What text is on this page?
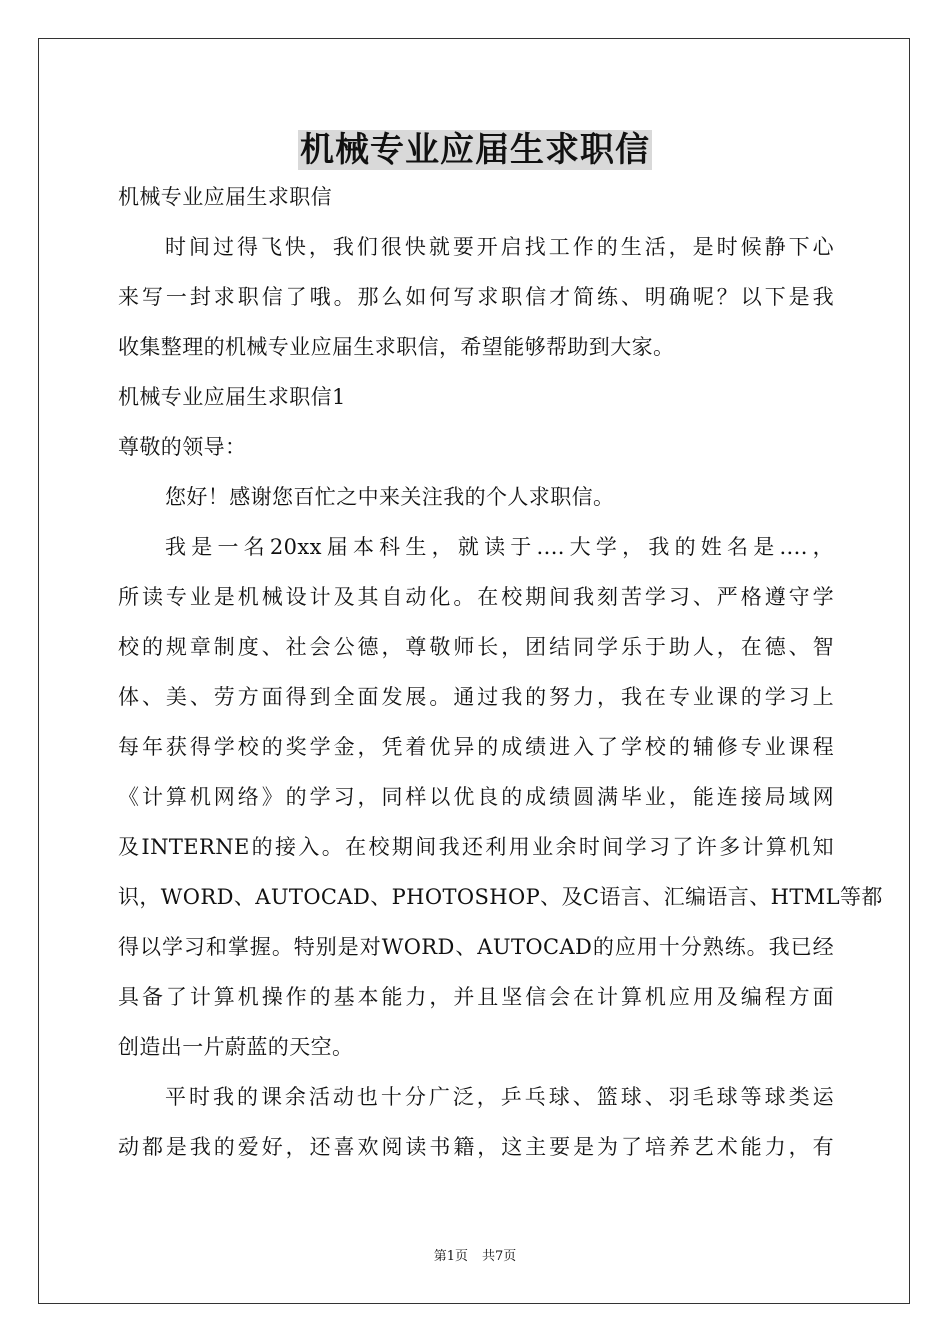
机械专业应届生求职信
机械专业应届生求职信
时间过得飞快，我们很快就要开启找工作的生活，是时候静下心
来写一封求职信了哦。那么如何写求职信才简练、明确呢？以下是我
收集整理的机械专业应届生求职信，希望能够帮助到大家。
机械专业应届生求职信1
尊敬的领导：
您好！感谢您百忙之中来关注我的个人求职信。
我是一名20xx届本科生，就读于....大学，我的姓名是....，
所读专业是机械设计及其自动化。在校期间我刻苦学习、严格遵守学
校的规章制度、社会公德，尊敬师长，团结同学乐于助人，在德、智
体、美、劳方面得到全面发展。通过我的努力，我在专业课的学习上
每年获得学校的奖学金，凭着优异的成绩进入了学校的辅修专业课程
《计算机网络》的学习，同样以优良的成绩圆满毕业，能连接局域网
及INTERNE的接入。在校期间我还利用业余时间学习了许多计算机知
识，WORD、AUTOCAD、PHOTOSHOP、及C语言、汇编语言、HTML等都
得以学习和掌握。特别是对WORD、AUTOCAD的应用十分熟练。我已经
具备了计算机操作的基本能力，并且坚信会在计算机应用及编程方面
创造出一片蔚蓝的天空。
平时我的课余活动也十分广泛，乒乓球、篮球、羽毛球等球类运
动都是我的爱好，还喜欢阅读书籍，这主要是为了培养艺术能力，有
第1页 共7页
